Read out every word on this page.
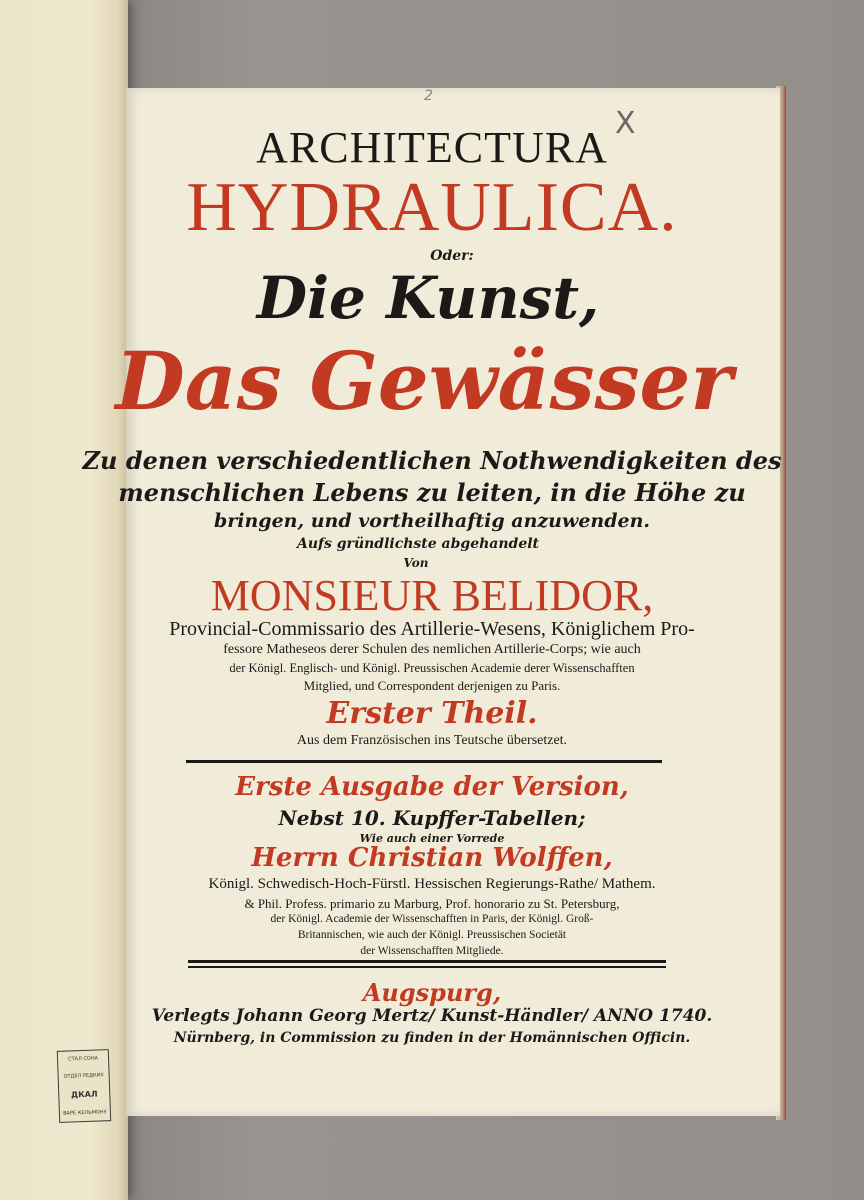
СТАЛ СОНА
ОТДЕЛ РЕДКИХ
ДКАЛ
ВАРЕ КЕЛЬМОНУ
2
X
ARCHITECTURA
HYDRAULICA.
Oder:
Die Kunst,
Das Gewässer
Zu denen verschiedentlichen Nothwendigkeiten des
menschlichen Lebens zu leiten, in die Höhe zu
bringen, und vortheilhaftig anzuwenden.
Aufs gründlichste abgehandelt
Von
MONSIEUR BELIDOR,
Provincial-Commissario des Artillerie-Wesens, Königlichem Pro-
fessore Matheseos derer Schulen des nemlichen Artillerie-Corps; wie auch
der Königl. Englisch- und Königl. Preussischen Academie derer Wissenschafften
Mitglied, und Correspondent derjenigen zu Paris.
Erster Theil.
Aus dem Französischen ins Teutsche übersetzet.
Erste Ausgabe der Version,
Nebst 10. Kupffer-Tabellen;
Wie auch einer Vorrede
Herrn Christian Wolffen,
Königl. Schwedisch-Hoch-Fürstl. Hessischen Regierungs-Rathe/ Mathem.
& Phil. Profess. primario zu Marburg, Prof. honorario zu St. Petersburg,
der Königl. Academie der Wissenschafften in Paris, der Königl. Groß-
Britannischen, wie auch der Königl. Preussischen Societät
der Wissenschafften Mitgliede.
Augspurg,
Verlegts Johann Georg Mertz/ Kunst-Händler/ ANNO 1740.
Nürnberg, in Commission zu finden in der Homännischen Officin.
